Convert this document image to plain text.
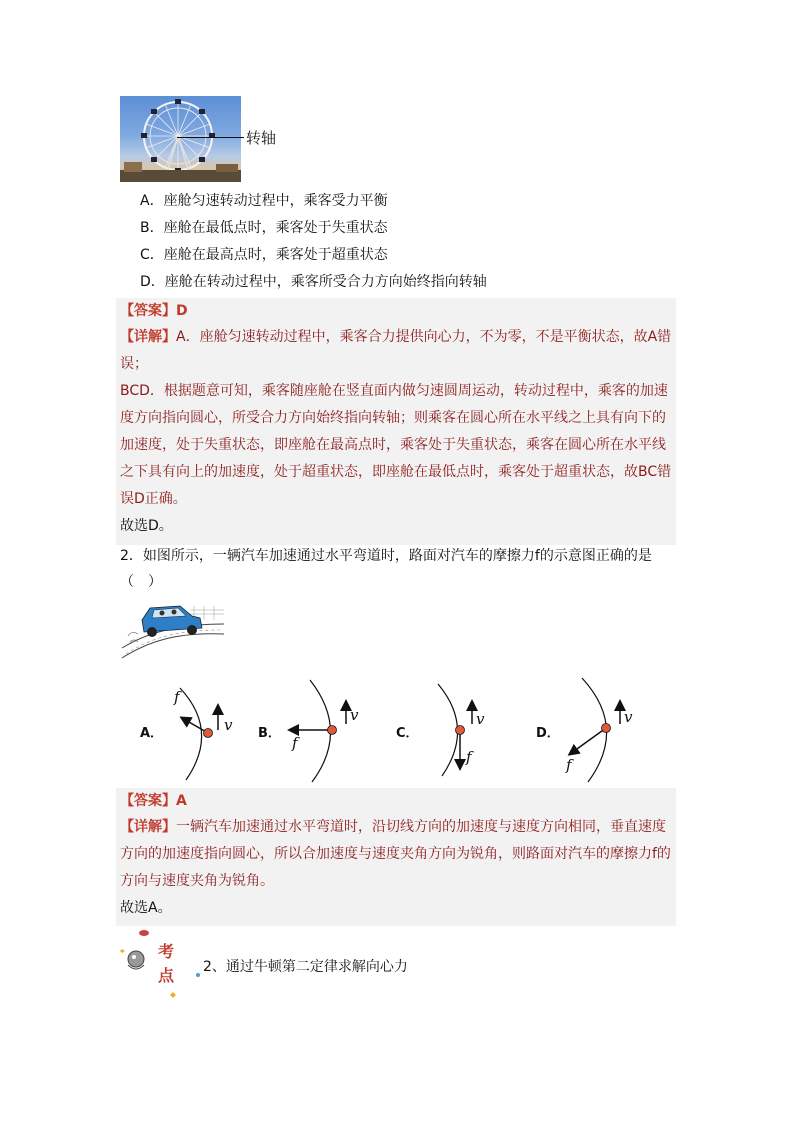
转轴
A．座舱匀速转动过程中，乘客受力平衡
B．座舱在最低点时，乘客处于失重状态
C．座舱在最高点时，乘客处于超重状态
D．座舱在转动过程中，乘客所受合力方向始终指向转轴
【答案】D
【详解】A．座舱匀速转动过程中，乘客合力提供向心力，不为零，不是平衡状态，故A错误；
BCD．根据题意可知，乘客随座舱在竖直面内做匀速圆周运动，转动过程中，乘客的加速度方向指向圆心，所受合力方向始终指向转轴；则乘客在圆心所在水平线之上具有向下的加速度，处于失重状态，即座舱在最高点时，乘客处于失重状态，乘客在圆心所在水平线之下具有向上的加速度，处于超重状态，即座舱在最低点时，乘客处于超重状态，故BC错误D正确。
故选D。
2．如图所示，一辆汽车加速通过水平弯道时，路面对汽车的摩擦力f的示意图正确的是
（　）
A．
f
v B．
f
v
C．
f
v
D．
f
v
【答案】A
【详解】一辆汽车加速通过水平弯道时，沿切线方向的加速度与速度方向相同，垂直速度方向的加速度指向圆心，所以合加速度与速度夹角方向为锐角，则路面对汽车的摩擦力f的方向与速度夹角为锐角。
故选A。
考
点 2、通过牛顿第二定律求解向心力
